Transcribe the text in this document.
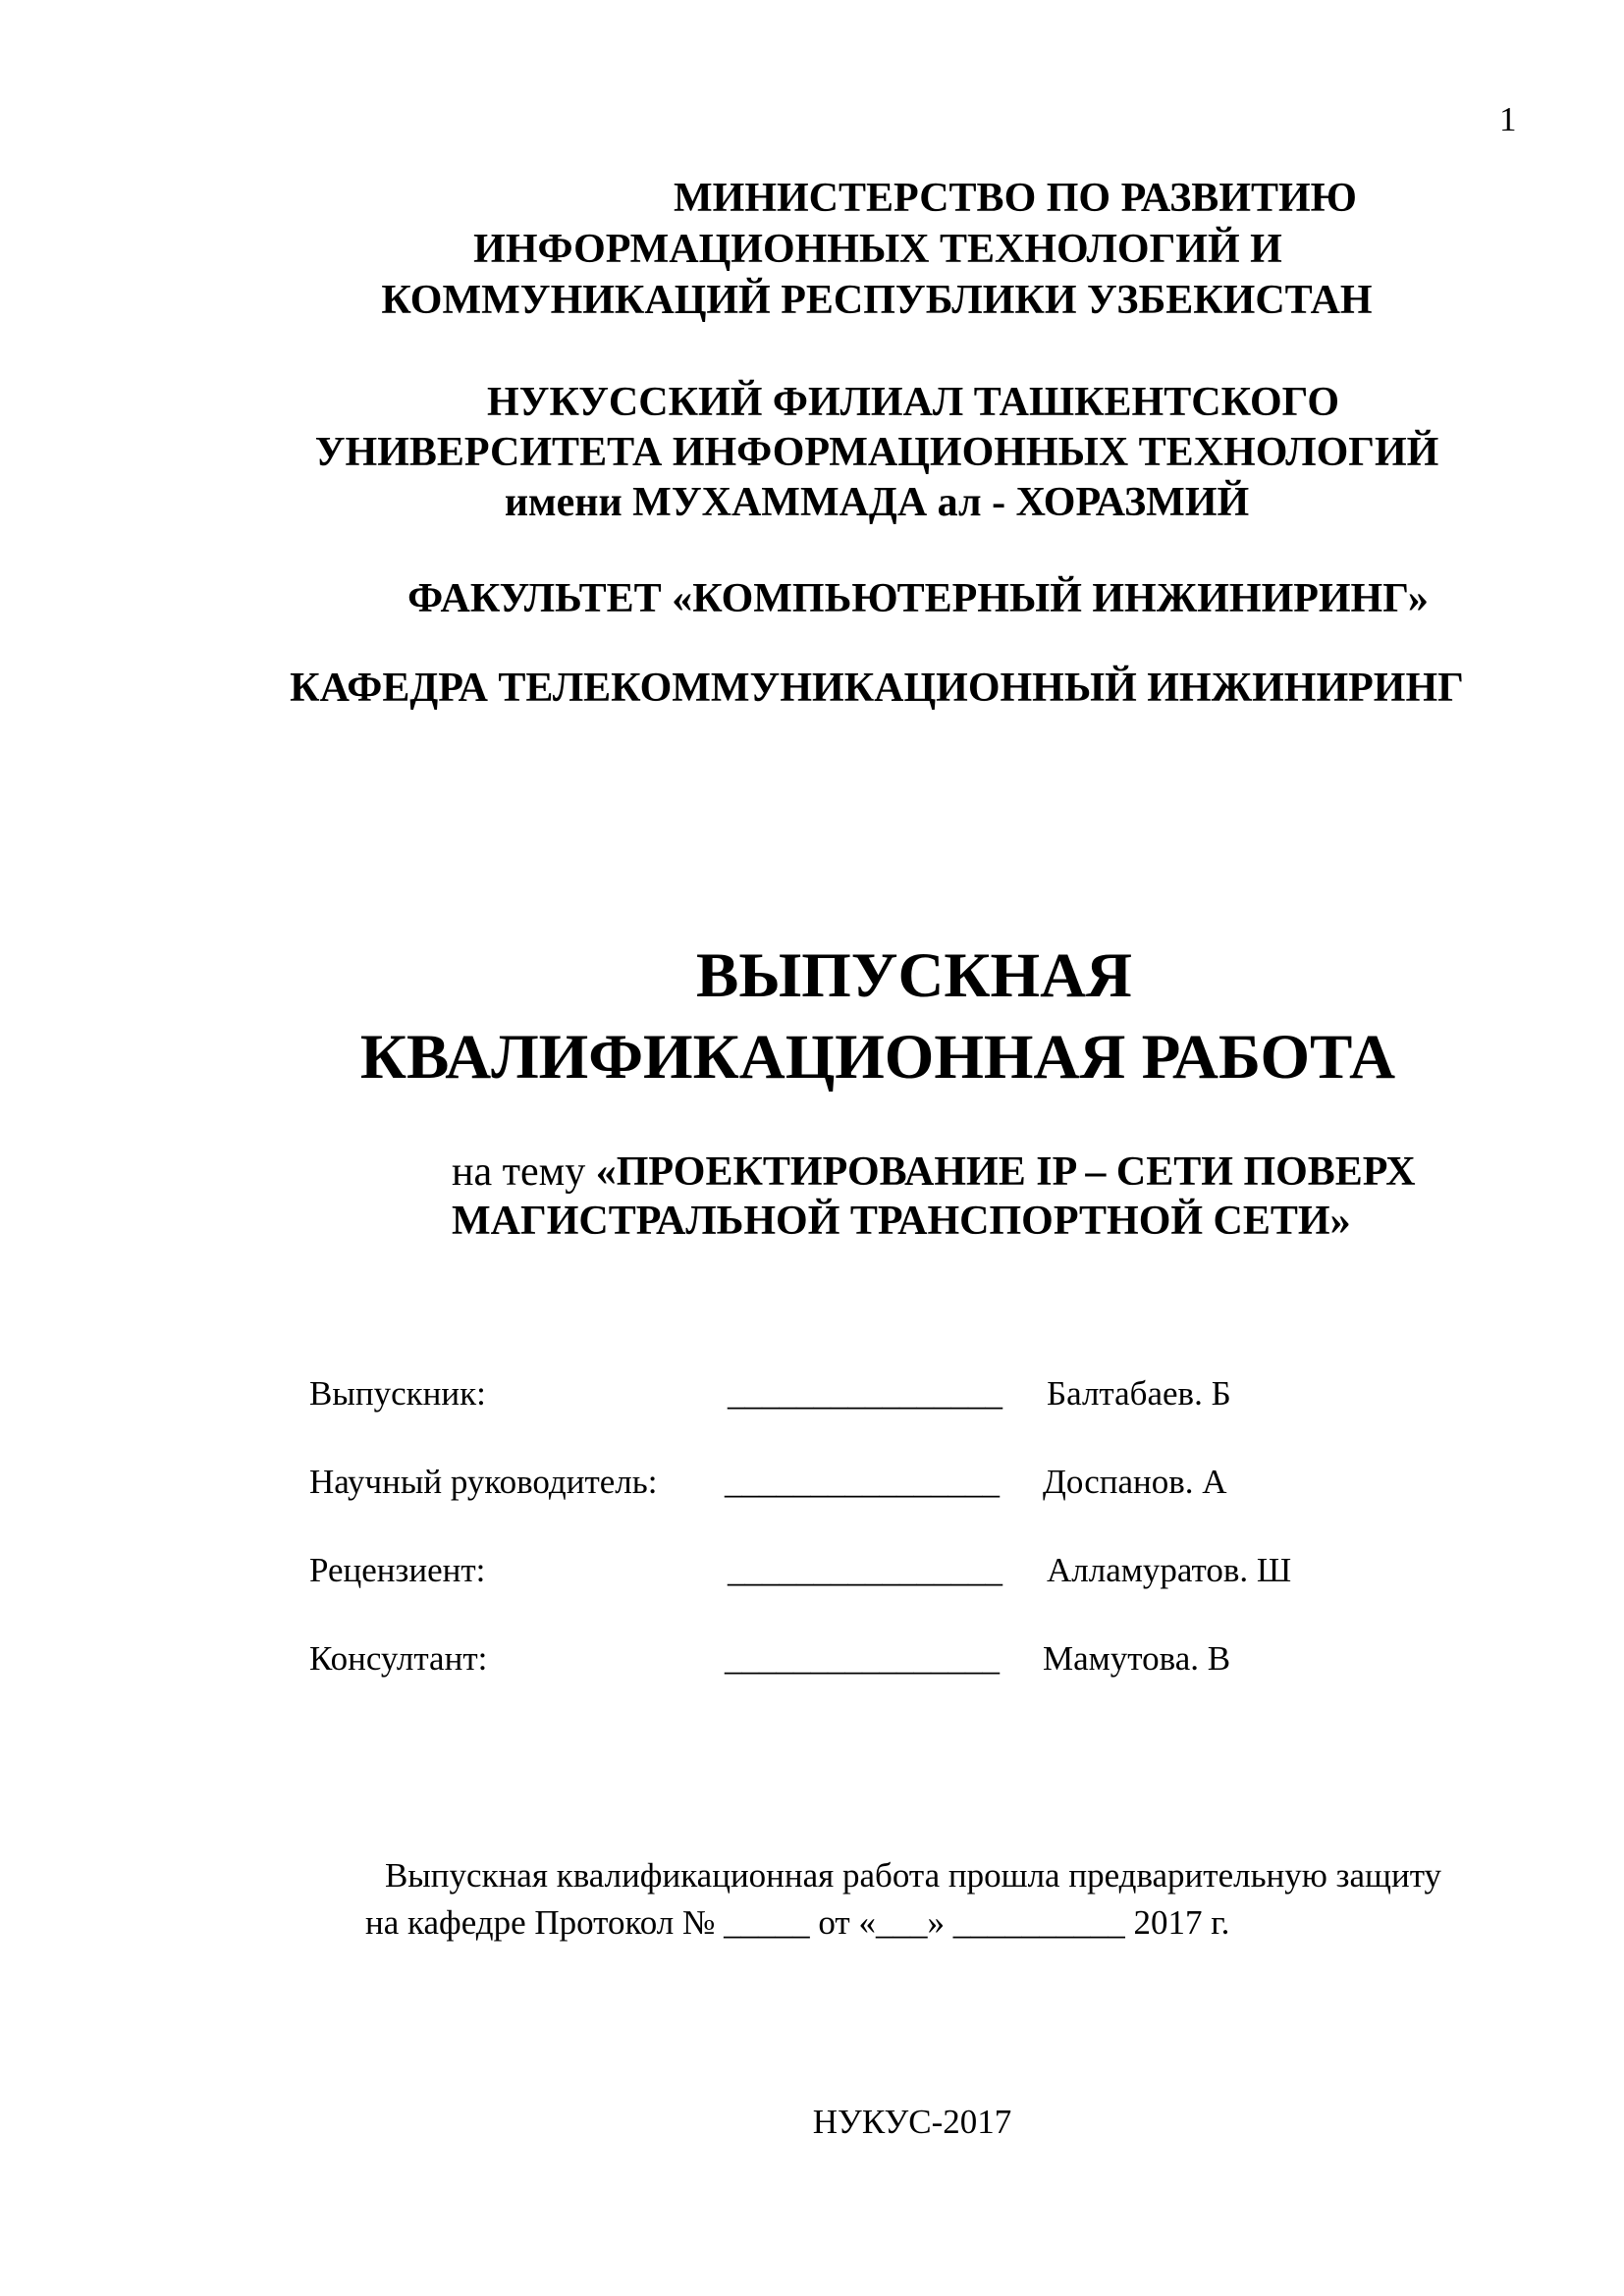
1
МИНИСТЕРСТВО ПО РАЗВИТИЮ
ИНФОРМАЦИОННЫХ ТЕХНОЛОГИЙ И
КОММУНИКАЦИЙ РЕСПУБЛИКИ УЗБЕКИСТАН
НУКУССКИЙ ФИЛИАЛ ТАШКЕНТСКОГО
УНИВЕРСИТЕТА ИНФОРМАЦИОННЫХ ТЕХНОЛОГИЙ
имени МУХАММАДА ал - ХОРАЗМИЙ
ФАКУЛЬТЕТ «КОМПЬЮТЕРНЫЙ ИНЖИНИРИНГ»
КАФЕДРА ТЕЛЕКОММУНИКАЦИОННЫЙ ИНЖИНИРИНГ
ВЫПУСКНАЯ
КВАЛИФИКАЦИОННАЯ РАБОТА
на тему «ПРОЕКТИРОВАНИЕ IP – СЕТИ ПОВЕРХ
МАГИСТРАЛЬНОЙ ТРАНСПОРТНОЙ СЕТИ»
Выпускник:	________________ Балтабаев. Б
Научный руководитель: ________________ Доспанов. А
Рецензиент:	________________ Алламуратов. Ш
Консултант:	________________ Мамутова. В
Выпускная квалификационная работа прошла предварительную защиту
на кафедре Протокол № _____ от «___» __________ 2017 г.
НУКУС-2017
